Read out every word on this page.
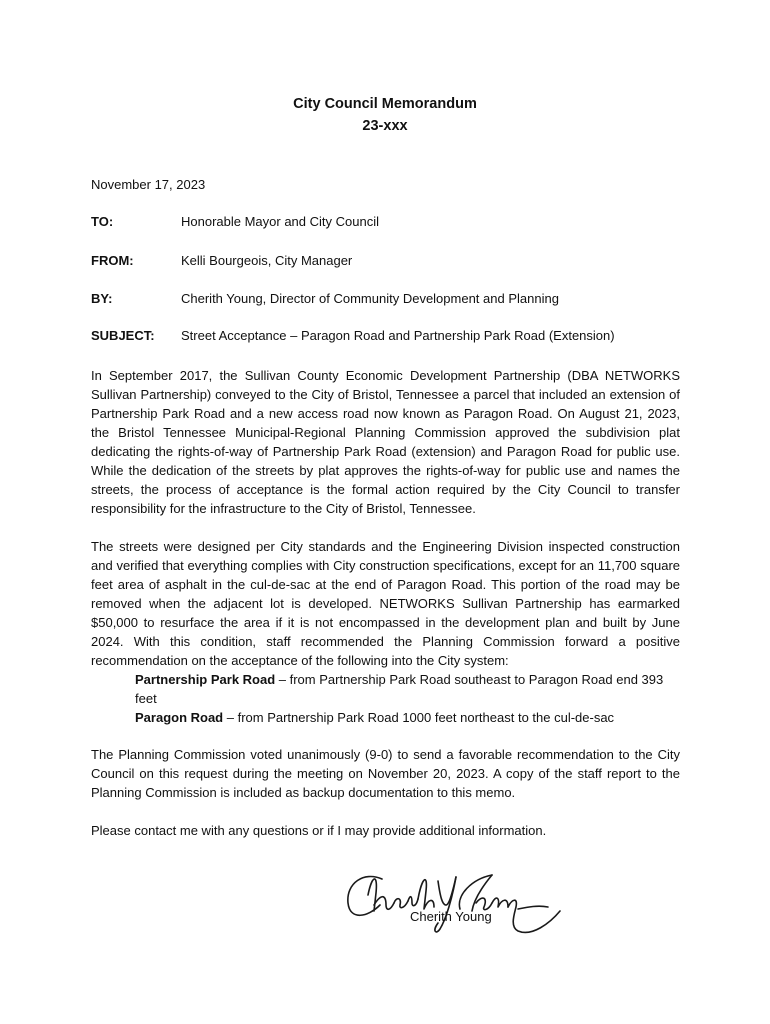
City Council Memorandum
23-xxx
November 17, 2023
TO:	Honorable Mayor and City Council
FROM:	Kelli Bourgeois, City Manager
BY:	Cherith Young, Director of Community Development and Planning
SUBJECT: Street Acceptance – Paragon Road and Partnership Park Road (Extension)

In September 2017, the Sullivan County Economic Development Partnership (DBA NETWORKS Sullivan Partnership) conveyed to the City of Bristol, Tennessee a parcel that included an extension of Partnership Park Road and a new access road now known as Paragon Road. On August 21, 2023, the Bristol Tennessee Municipal-Regional Planning Commission approved the subdivision plat dedicating the rights-of-way of Partnership Park Road (extension) and Paragon Road for public use. While the dedication of the streets by plat approves the rights-of-way for public use and names the streets, the process of acceptance is the formal action required by the City Council to transfer responsibility for the infrastructure to the City of Bristol, Tennessee.

The streets were designed per City standards and the Engineering Division inspected construction and verified that everything complies with City construction specifications, except for an 11,700 square feet area of asphalt in the cul-de-sac at the end of Paragon Road. This portion of the road may be removed when the adjacent lot is developed. NETWORKS Sullivan Partnership has earmarked $50,000 to resurface the area if it is not encompassed in the development plan and built by June 2024. With this condition, staff recommended the Planning Commission forward a positive recommendation on the acceptance of the following into the City system:

Partnership Park Road – from Partnership Park Road southeast to Paragon Road end 393 feet
Paragon Road – from Partnership Park Road 1000 feet northeast to the cul-de-sac

The Planning Commission voted unanimously (9-0) to send a favorable recommendation to the City Council on this request during the meeting on November 20, 2023. A copy of the staff report to the Planning Commission is included as backup documentation to this memo.

Please contact me with any questions or if I may provide additional information.

Cherith Young
